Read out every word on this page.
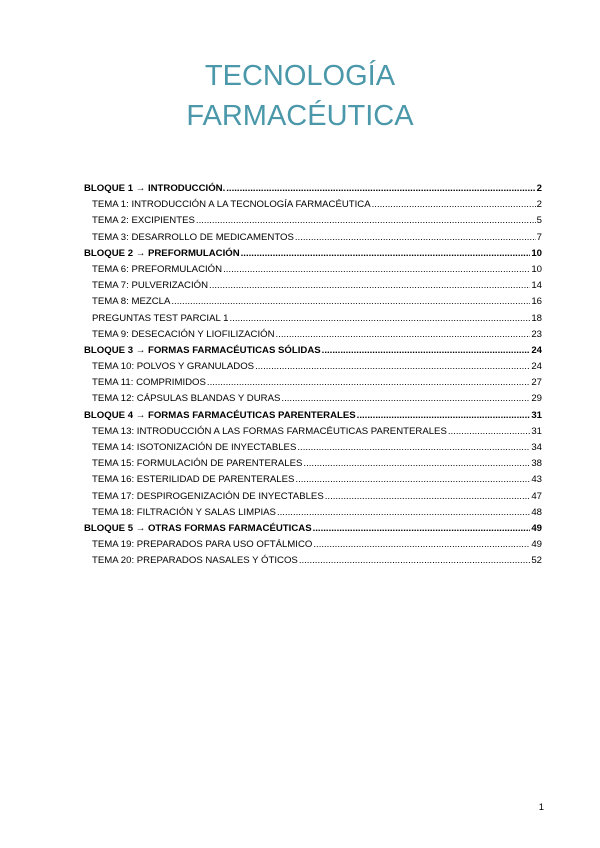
TECNOLOGÍA
FARMACÉUTICA
BLOQUE 1 → INTRODUCCIÓN. .....	2
TEMA 1: INTRODUCCIÓN A LA TECNOLOGÍA FARMACÉUTICA .....	2
TEMA 2: EXCIPIENTES .....	5
TEMA 3: DESARROLLO DE MEDICAMENTOS .....	7
BLOQUE 2 → PREFORMULACIÓN .....	10
TEMA 6: PREFORMULACIÓN .....	10
TEMA 7: PULVERIZACIÓN .....	14
TEMA 8: MEZCLA .....	16
PREGUNTAS TEST PARCIAL 1 .....	18
TEMA 9: DESECACIÓN Y LIOFILIZACIÓN .....	23
BLOQUE 3 → FORMAS FARMACÉUTICAS SÓLIDAS .....	24
TEMA 10: POLVOS Y GRANULADOS .....	24
TEMA 11: COMPRIMIDOS .....	27
TEMA 12: CÁPSULAS BLANDAS Y DURAS .....	29
BLOQUE 4 → FORMAS FARMACÉUTICAS PARENTERALES .....	31
TEMA 13: INTRODUCCIÓN A LAS FORMAS FARMACÉUTICAS PARENTERALES .....	31
TEMA 14: ISOTONIZACIÓN DE INYECTABLES .....	34
TEMA 15: FORMULACIÓN DE PARENTERALES .....	38
TEMA 16: ESTERILIDAD DE PARENTERALES .....	43
TEMA 17: DESPIROGENIZACIÓN DE INYECTABLES .....	47
TEMA 18: FILTRACIÓN Y SALAS LIMPIAS .....	48
BLOQUE 5 → OTRAS FORMAS FARMACÉUTICAS .....	49
TEMA 19: PREPARADOS PARA USO OFTÁLMICO .....	49
TEMA 20: PREPARADOS NASALES Y ÓTICOS .....	52
1
